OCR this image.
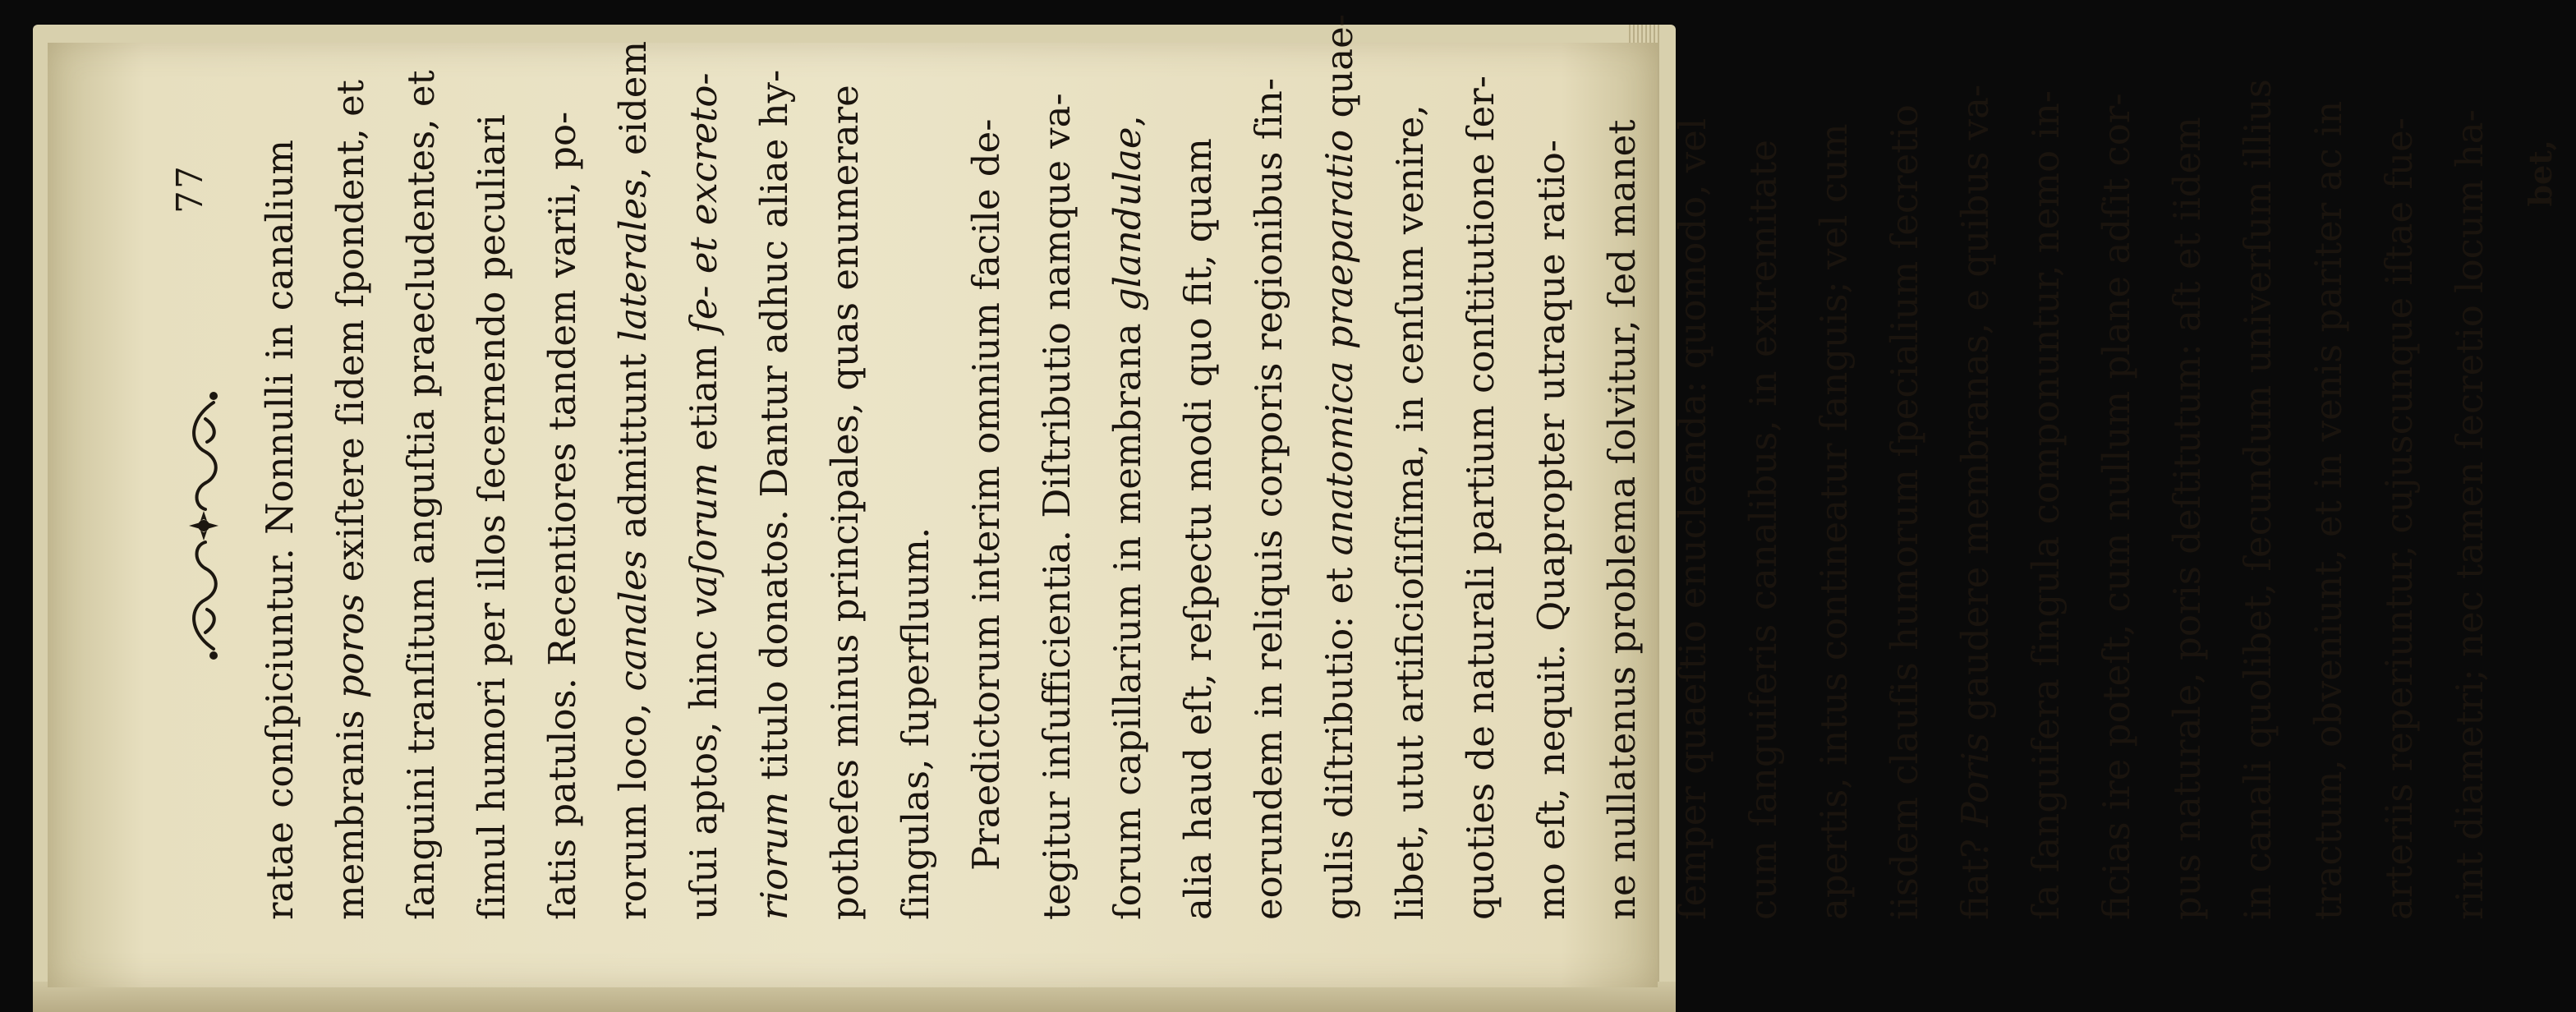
77	ratae conſpiciuntur. Nonnulli in canalium membranis poros exiſtere ſidem ſpondent, et ſanguini tranſitum anguſtia praecludentes, et ſimul humori per illos ſecernendo peculiari ſatis patulos. Recentiores tandem varii, po- rorum loco, canales admittunt laterales
uſui aptos, hinc vaſorum etiam ſe- et excreto-
riorum titulo donatos. Dantur adhuc aliae hy- potheſes minus principales, quas enumerare ſingulas, ſuperfluum. Praedictorum interim omnium facile de- tegitur inſufficientia. Diſtributio namque va- ſorum capillarium in membrana glandulae alia haud eſt, reſpectu modi quo fit, quam eorundem in reliquis corporis regionibus ſin- gulis diſtributio: et anatomica praeparatio libet, utut artificioſiſſima, in cenſum venire, quoties de naturali partium conſtitutione ſer- mo eſt, nequit. Quapropter utraque ratio- ne nullatenus problema ſolvitur, ſed manet ſemper quaeſtio enucleanda: quomodo, vel cum ſanguiferis canalibus, in extremitate apertis, intus contineatur ſanguis; vel cum iisdem clauſis humorum ſpecialium ſecretio fiat? Poris gaudere membranas, e quibus va- ſa ſanguifera ſingula componuntur, nemo in- ficias ire poteſt, cum nullum plane adſit cor- pus naturale, poris deſtitutum: aſt et iidem in canali quolibet, ſecundum univerſum illius tractum, obveniunt, et in venis pariter ac in arteriis reperiuntur, cujuscunque iſtae fue- rint diametri; nec tamen ſecretio locum ha- bet,
